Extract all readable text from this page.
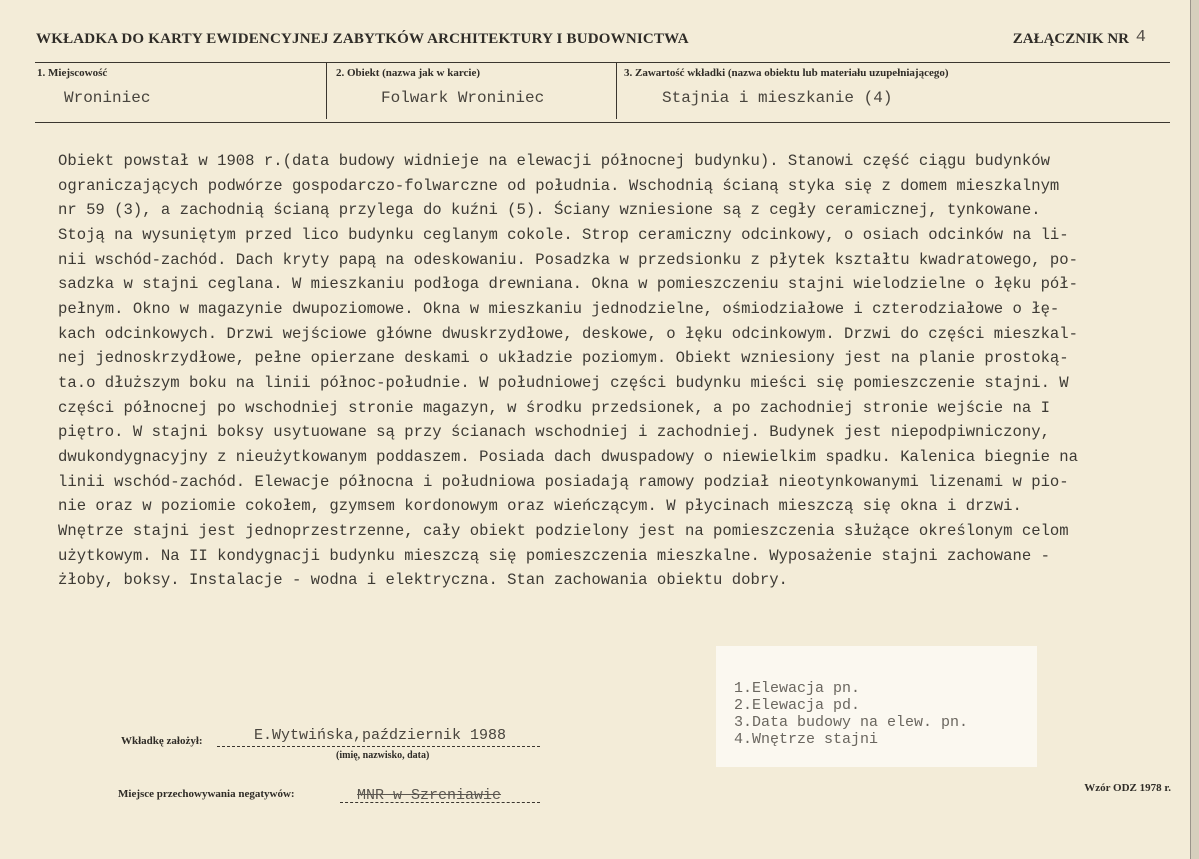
WKŁADKA DO KARTY EWIDENCYJNEJ ZABYTKÓW ARCHITEKTURY I BUDOWNICTWA	ZAŁĄCZNIK NR 4
1. Miejscowość
Wroniniec
2. Obiekt (nazwa jak w karcie)
Folwark Wroniniec
3. Zawartość wkładki (nazwa obiektu lub materiału uzupełniającego)
Stajnia i mieszkanie (4)
Obiekt powstał w 1908 r.(data budowy widnieje na elewacji północnej budynku). Stanowi część ciągu budynków
ograniczających podwórze gospodarczo-folwarczne od południa. Wschodnią ścianą styka się z domem mieszkalnym
nr 59 (3), a zachodnią ścianą przylega do kuźni (5). Ściany wzniesione są z cegły ceramicznej, tynkowane.
Stoją na wysuniętym przed lico budynku ceglanym cokole. Strop ceramiczny odcinkowy, o osiach odcinków na li-
nii wschód-zachód. Dach kryty papą na odeskowaniu. Posadzka w przedsionku z płytek kształtu kwadratowego, po-
sadzka w stajni ceglana. W mieszkaniu podłoga drewniana. Okna w pomieszczeniu stajni wielodzielne o łęku pół-
pełnym. Okno w magazynie dwupoziomowe. Okna w mieszkaniu jednodzielne, ośmiodziałowe i czterodziałowe o łę-
kach odcinkowych. Drzwi wejściowe główne dwuskrzydłowe, deskowe, o łęku odcinkowym. Drzwi do części mieszkal-
nej jednoskrzydłowe, pełne opierzane deskami o układzie poziomym. Obiekt wzniesiony jest na planie prostoką-
ta.o dłuższym boku na linii północ-południe. W południowej części budynku mieści się pomieszczenie stajni. W
części północnej po wschodniej stronie magazyn, w środku przedsionek, a po zachodniej stronie wejście na I
piętro. W stajni boksy usytuowane są przy ścianach wschodniej i zachodniej. Budynek jest niepodpiwniczony,
dwukondygnacyjny z nieużytkowanym poddaszem. Posiada dach dwuspadowy o niewielkim spadku. Kalenica biegnie na
linii wschód-zachód. Elewacje północna i południowa posiadają ramowy podział nieotynkowanymi lizenami w pio-
nie oraz w poziomie cokołem, gzymsem kordonowym oraz wieńczącym. W płycinach mieszczą się okna i drzwi.
Wnętrze stajni jest jednoprzestrzenne, cały obiekt podzielony jest na pomieszczenia służące określonym celom
użytkowym. Na II kondygnacji budynku mieszczą się pomieszczenia mieszkalne. Wyposażenie stajni zachowane -
żłoby, boksy. Instalacje - wodna i elektryczna. Stan zachowania obiektu dobry.
1.Elewacja pn.
2.Elewacja pd.
3.Data budowy na elew. pn.
4.Wnętrze stajni
Wkładkę założył:	E.Wytwińska,październik 1988
(imię, nazwisko, data)
Miejsce przechowywania negatywów:	MNR w Szreniawie	Wzór ODZ 1978 r.
